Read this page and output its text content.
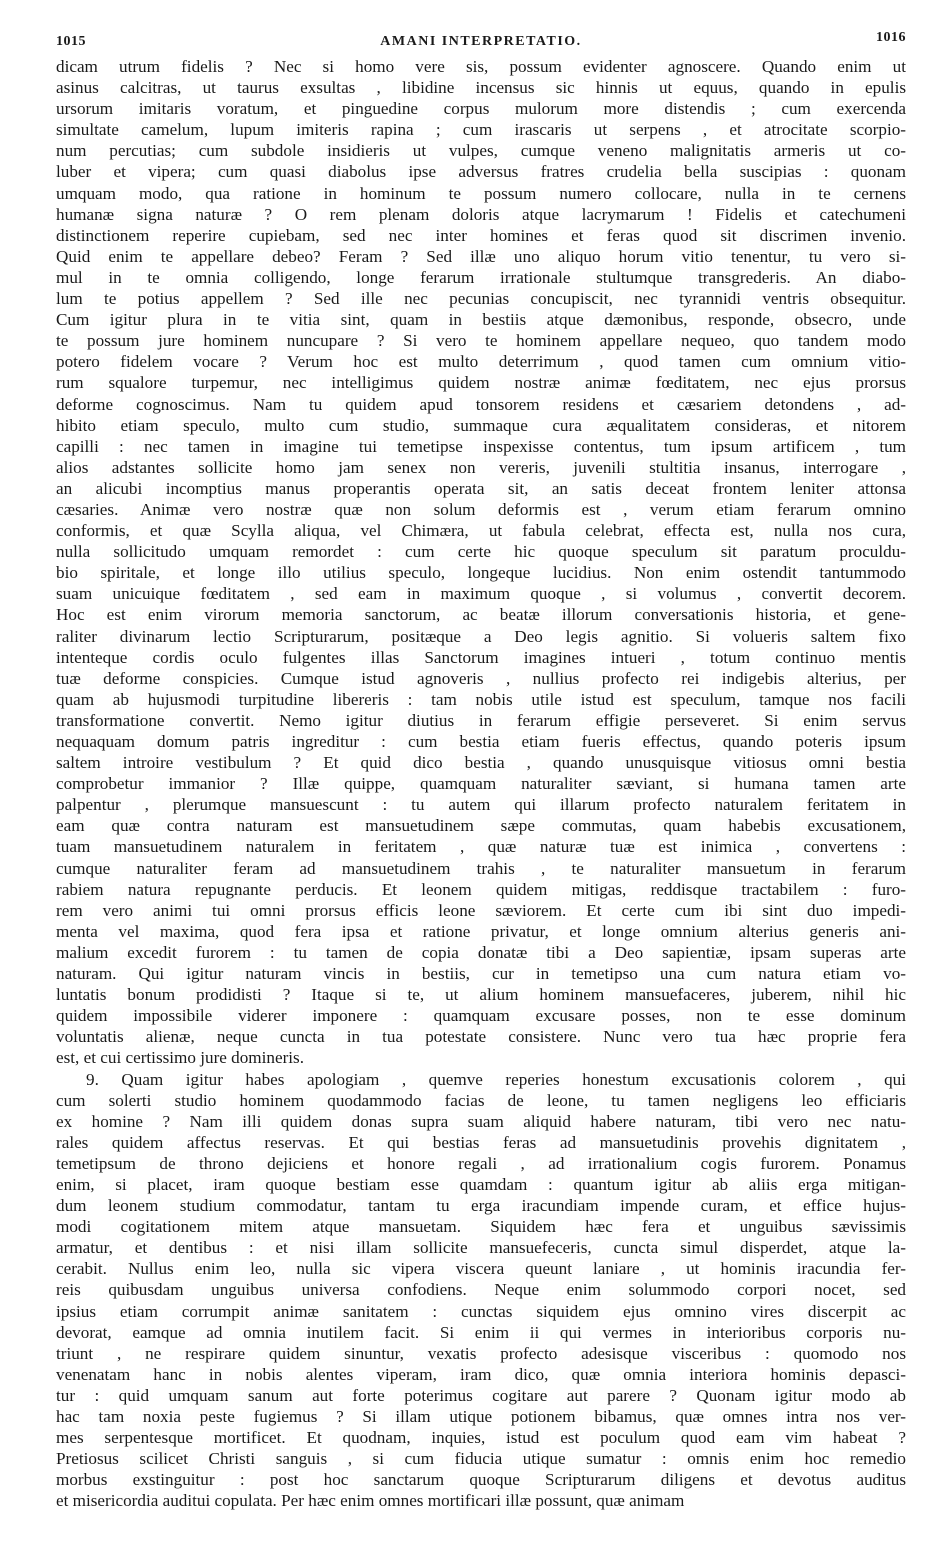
1015	AMANI INTERPRETATIO.	1016

dicam utrum fidelis ? Nec si homo vere sis, possum evidenter agnoscere. Quando enim ut

asinus calcitras, ut taurus exsultas , libidine incensus sic hinnis ut equus, quando in epulis

ursorum imitaris voratum, et pinguedine corpus mulorum more distendis ; cum exercenda

simultate camelum, lupum imiteris rapina ; cum irascaris ut serpens , et atrocitate scorpio-

num percutias; cum subdole insidieris ut vulpes, cumque veneno malignitatis armeris ut co-

luber et vipera; cum quasi diabolus ipse adversus fratres crudelia bella suscipias : quonam

umquam modo, qua ratione in hominum te possum numero collocare, nulla in te cernens

humanæ signa naturæ ? O rem plenam doloris atque lacrymarum ! Fidelis et catechumeni

distinctionem reperire cupiebam, sed nec inter homines et feras quod sit discrimen invenio.

Quid enim te appellare debeo? Feram ? Sed illæ uno aliquo horum vitio tenentur, tu vero si-

mul in te omnia colligendo, longe ferarum irrationale stultumque transgrederis. An diabo-

lum te potius appellem ? Sed ille nec pecunias concupiscit, nec tyrannidi ventris obsequitur.

Cum igitur plura in te vitia sint, quam in bestiis atque dæmonibus, responde, obsecro, unde

te possum jure hominem nuncupare ? Si vero te hominem appellare nequeo, quo tandem modo

potero fidelem vocare ? Verum hoc est multo deterrimum , quod tamen cum omnium vitio-

rum squalore turpemur, nec intelligimus quidem nostræ animæ fœditatem, nec ejus prorsus

deforme cognoscimus. Nam tu quidem apud tonsorem residens et cæsariem detondens , ad-

hibito etiam speculo, multo cum studio, summaque cura æqualitatem consideras, et nitorem

capilli : nec tamen in imagine tui temetipse inspexisse contentus, tum ipsum artificem , tum

alios adstantes sollicite homo jam senex non vereris, juvenili stultitia insanus, interrogare ,

an alicubi incomptius manus properantis operata sit, an satis deceat frontem leniter attonsa

cæsaries. Animæ vero nostræ quæ non solum deformis est , verum etiam ferarum omnino

conformis, et quæ Scylla aliqua, vel Chimæra, ut fabula celebrat, effecta est, nulla nos cura,

nulla sollicitudo umquam remordet : cum certe hic quoque speculum sit paratum proculdu-

bio spiritale, et longe illo utilius speculo, longeque lucidius. Non enim ostendit tantummodo

suam unicuique fœditatem , sed eam in maximum quoque , si volumus , convertit decorem.

Hoc est enim virorum memoria sanctorum, ac beatæ illorum conversationis historia, et gene-

raliter divinarum lectio Scripturarum, positæque a Deo legis agnitio. Si volueris saltem fixo

intenteque cordis oculo fulgentes illas Sanctorum imagines intueri , totum continuo mentis

tuæ deforme conspicies. Cumque istud agnoveris , nullius profecto rei indigebis alterius, per

quam ab hujusmodi turpitudine libereris : tam nobis utile istud est speculum, tamque nos facili

transformatione convertit. Nemo igitur diutius in ferarum effigie perseveret. Si enim servus

nequaquam domum patris ingreditur : cum bestia etiam fueris effectus, quando poteris ipsum

saltem introire vestibulum ? Et quid dico bestia , quando unusquisque vitiosus omni bestia

comprobetur immanior ? Illæ quippe, quamquam naturaliter sæviant, si humana tamen arte

palpentur , plerumque mansuescunt : tu autem qui illarum profecto naturalem feritatem in

eam quæ contra naturam est mansuetudinem sæpe commutas, quam habebis excusationem,

tuam mansuetudinem naturalem in feritatem , quæ naturæ tuæ est inimica , convertens :

cumque naturaliter feram ad mansuetudinem trahis , te naturaliter mansuetum in ferarum

rabiem natura repugnante perducis. Et leonem quidem mitigas, reddisque tractabilem : furo-

rem vero animi tui omni prorsus efficis leone sæviorem. Et certe cum ibi sint duo impedi-

menta vel maxima, quod fera ipsa et ratione privatur, et longe omnium alterius generis ani-

malium excedit furorem : tu tamen de copia donatæ tibi a Deo sapientiæ, ipsam superas arte

naturam. Qui igitur naturam vincis in bestiis, cur in temetipso una cum natura etiam vo-

luntatis bonum prodidisti ? Itaque si te, ut alium hominem mansuefaceres, juberem, nihil hic

quidem impossibile viderer imponere : quamquam excusare posses, non te esse dominum

voluntatis alienæ, neque cuncta in tua potestate consistere. Nunc vero tua hæc proprie fera

est, et cui certissimo jure domineris.

9. Quam igitur habes apologiam , quemve reperies honestum excusationis colorem , qui

cum solerti studio hominem quodammodo facias de leone, tu tamen negligens leo efficiaris

ex homine ? Nam illi quidem donas supra suam aliquid habere naturam, tibi vero nec natu-

rales quidem affectus reservas. Et qui bestias feras ad mansuetudinis provehis dignitatem ,

temetipsum de throno dejiciens et honore regali , ad irrationalium cogis furorem. Ponamus

enim, si placet, iram quoque bestiam esse quamdam : quantum igitur ab aliis erga mitigan-

dum leonem studium commodatur, tantam tu erga iracundiam impende curam, et effice hujus-

modi cogitationem mitem atque mansuetam. Siquidem hæc fera et unguibus sævissimis

armatur, et dentibus : et nisi illam sollicite mansuefeceris, cuncta simul disperdet, atque la-

cerabit. Nullus enim leo, nulla sic vipera viscera queunt laniare , ut hominis iracundia fer-

reis quibusdam unguibus universa confodiens. Neque enim solummodo corpori nocet, sed

ipsius etiam corrumpit animæ sanitatem : cunctas siquidem ejus omnino vires discerpit ac

devorat, eamque ad omnia inutilem facit. Si enim ii qui vermes in interioribus corporis nu-

triunt , ne respirare quidem sinuntur, vexatis profecto adesisque visceribus : quomodo nos

venenatam hanc in nobis alentes viperam, iram dico, quæ omnia interiora hominis depasci-

tur : quid umquam sanum aut forte poterimus cogitare aut parere ? Quonam igitur modo ab

hac tam noxia peste fugiemus ? Si illam utique potionem bibamus, quæ omnes intra nos ver-

mes serpentesque mortificet. Et quodnam, inquies, istud est poculum quod eam vim habeat ?

Pretiosus scilicet Christi sanguis , si cum fiducia utique sumatur : omnis enim hoc remedio

morbus exstinguitur : post hoc sanctarum quoque Scripturarum diligens et devotus auditus

et misericordia auditui copulata. Per hæc enim omnes mortificari illæ possunt, quæ animam
